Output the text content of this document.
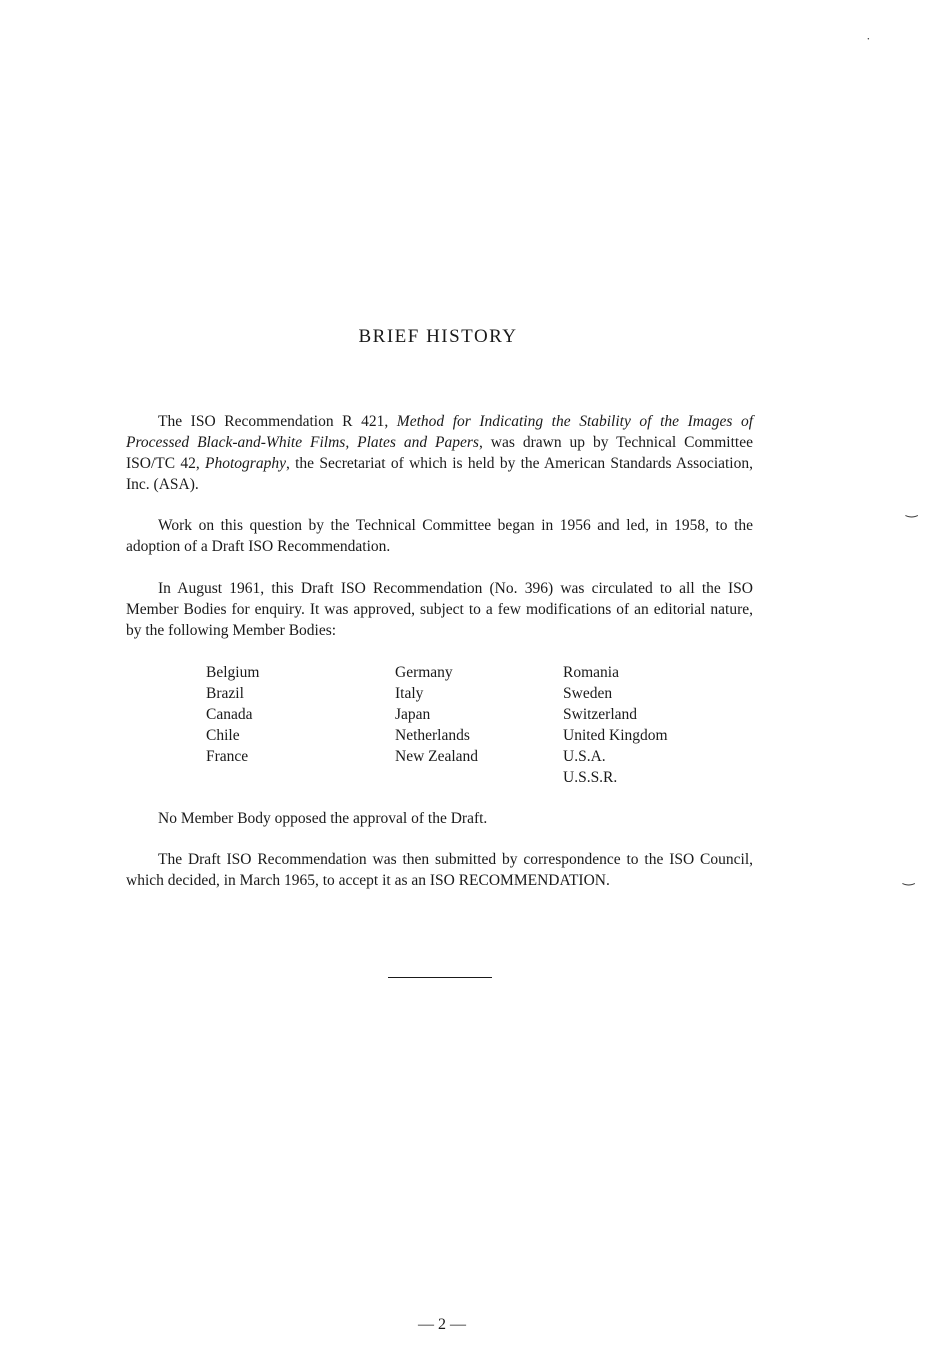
BRIEF HISTORY

The ISO Recommendation R 421, Method for Indicating the Stability of the Images of Processed Black-and-White Films, Plates and Papers, was drawn up by Technical Committee ISO/TC 42, Photography, the Secretariat of which is held by the American Standards Association, Inc. (ASA).

Work on this question by the Technical Committee began in 1956 and led, in 1958, to the adoption of a Draft ISO Recommendation.

In August 1961, this Draft ISO Recommendation (No. 396) was circulated to all the ISO Member Bodies for enquiry. It was approved, subject to a few modifications of an editorial nature, by the following Member Bodies:

Belgium
Brazil
Canada
Chile
France
Germany
Italy
Japan
Netherlands
New Zealand
Romania
Sweden
Switzerland
United Kingdom
U.S.A.
U.S.S.R.

No Member Body opposed the approval of the Draft.

The Draft ISO Recommendation was then submitted by correspondence to the ISO Council, which decided, in March 1965, to accept it as an ISO RECOMMENDATION.

— 2 —
˙
‿
‿
